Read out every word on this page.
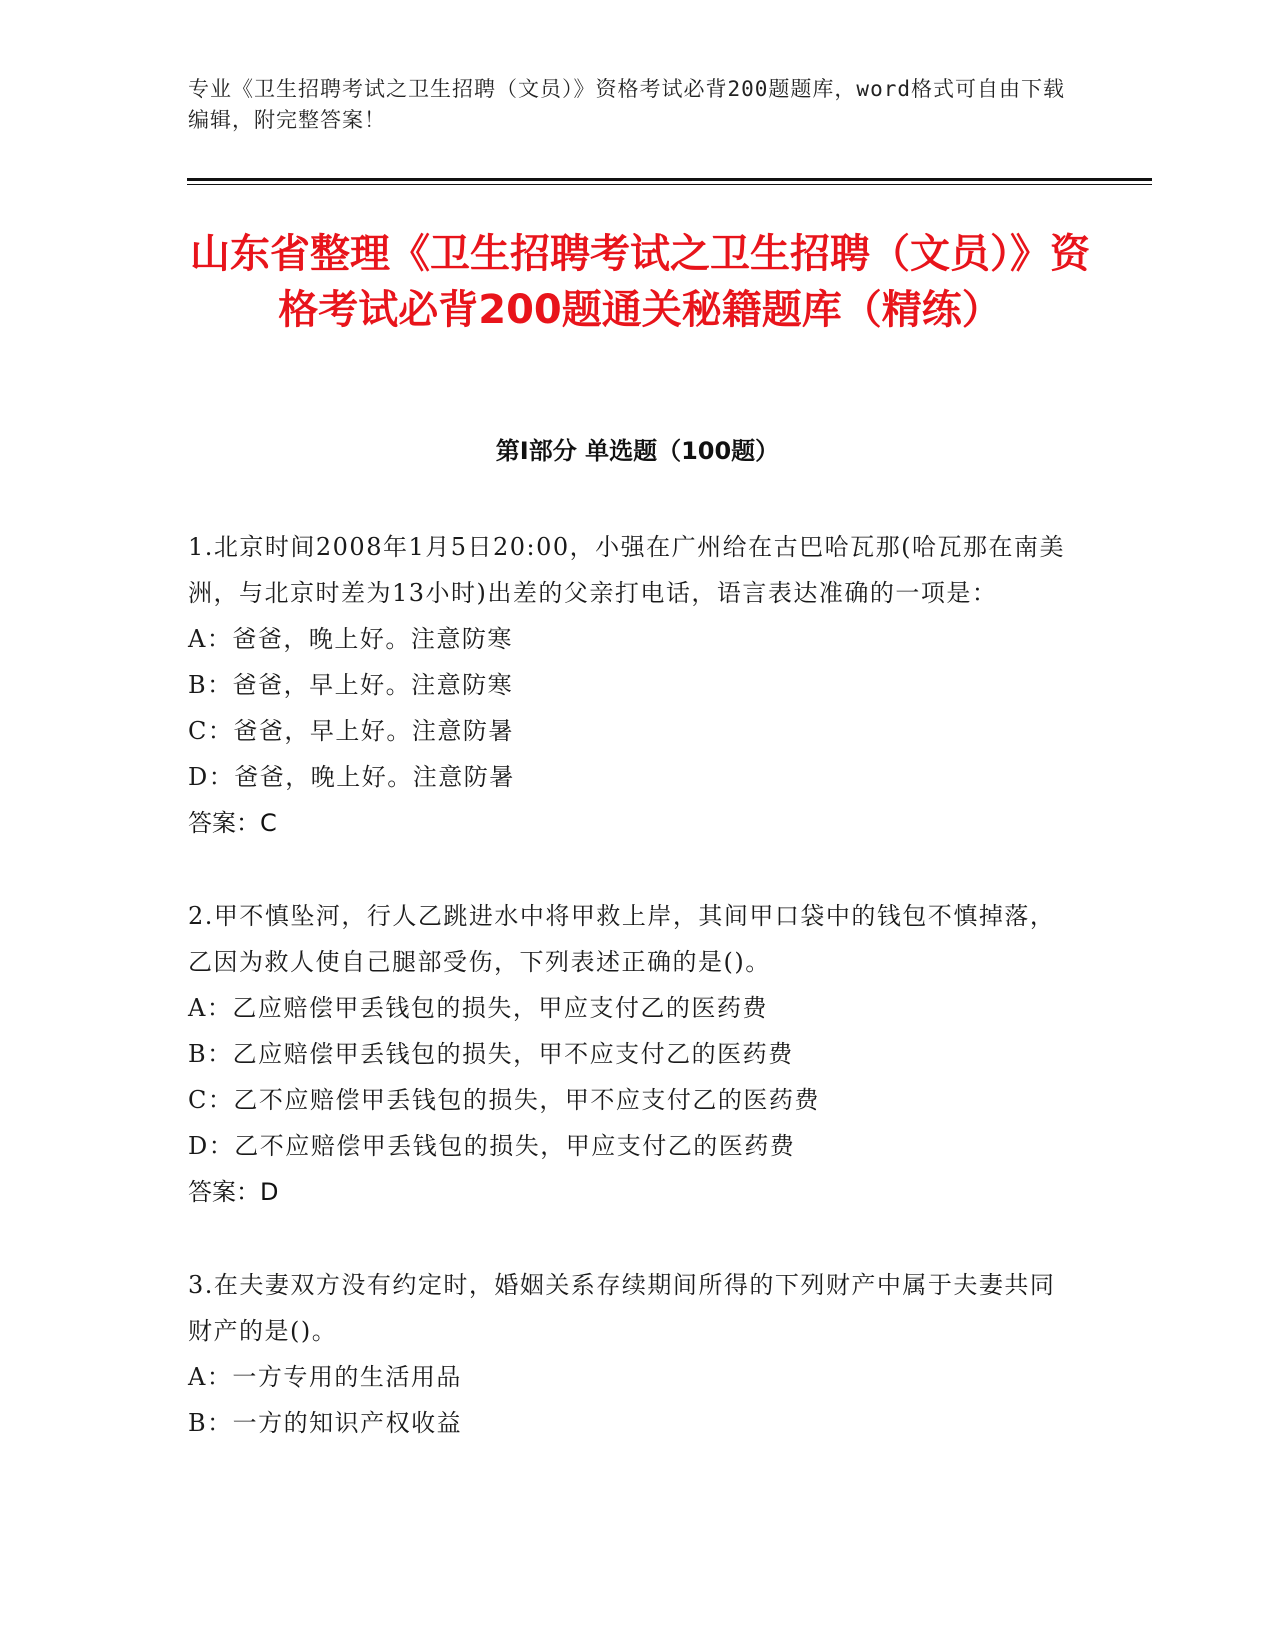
专业《卫生招聘考试之卫生招聘（文员）》资格考试必背200题题库，word格式可自由下载编辑，附完整答案！
山东省整理《卫生招聘考试之卫生招聘（文员）》资格考试必背200题通关秘籍题库（精练）
第I部分 单选题（100题）

1.北京时间2008年1月5日20:00，小强在广州给在古巴哈瓦那(哈瓦那在南美洲，与北京时差为13小时)出差的父亲打电话，语言表达准确的一项是：

A：爸爸，晚上好。注意防寒
B：爸爸，早上好。注意防寒
C：爸爸，早上好。注意防暑
D：爸爸，晚上好。注意防暑
答案：C

2.甲不慎坠河，行人乙跳进水中将甲救上岸，其间甲口袋中的钱包不慎掉落，乙因为救人使自己腿部受伤，下列表述正确的是()。

A：乙应赔偿甲丢钱包的损失，甲应支付乙的医药费
B：乙应赔偿甲丢钱包的损失，甲不应支付乙的医药费
C：乙不应赔偿甲丢钱包的损失，甲不应支付乙的医药费
D：乙不应赔偿甲丢钱包的损失，甲应支付乙的医药费
答案：D

3.在夫妻双方没有约定时，婚姻关系存续期间所得的下列财产中属于夫妻共同财产的是()。

A：一方专用的生活用品
B：一方的知识产权收益
